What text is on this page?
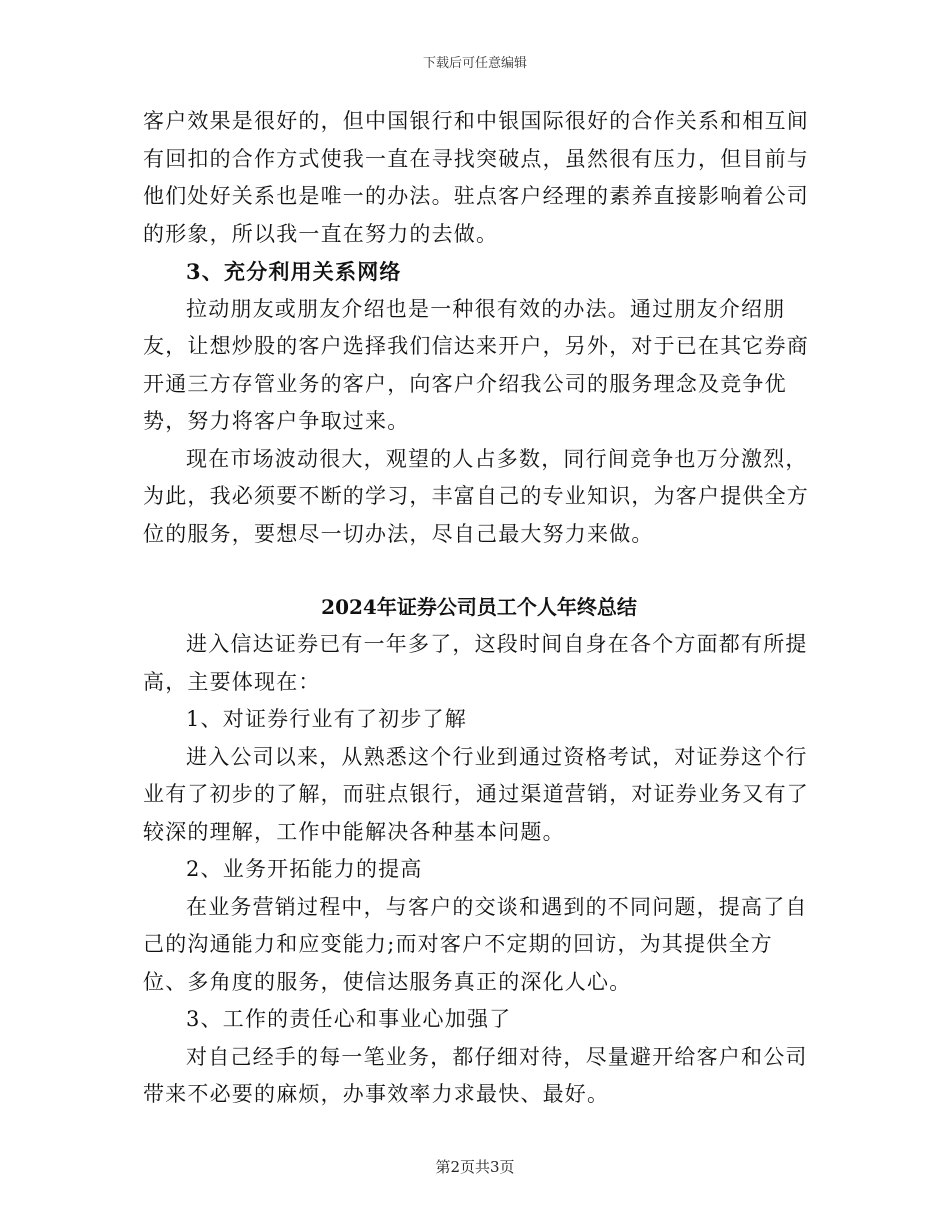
下载后可任意编辑

客户效果是很好的，但中国银行和中银国际很好的合作关系和相互间有回扣的合作方式使我一直在寻找突破点，虽然很有压力，但目前与他们处好关系也是唯一的办法。驻点客户经理的素养直接影响着公司的形象，所以我一直在努力的去做。

3、充分利用关系网络

拉动朋友或朋友介绍也是一种很有效的办法。通过朋友介绍朋友，让想炒股的客户选择我们信达来开户，另外，对于已在其它券商开通三方存管业务的客户，向客户介绍我公司的服务理念及竞争优势，努力将客户争取过来。

现在市场波动很大，观望的人占多数，同行间竞争也万分激烈，为此，我必须要不断的学习，丰富自己的专业知识，为客户提供全方位的服务，要想尽一切办法，尽自己最大努力来做。

2024年证券公司员工个人年终总结

进入信达证券已有一年多了，这段时间自身在各个方面都有所提高，主要体现在：

1、对证券行业有了初步了解

进入公司以来，从熟悉这个行业到通过资格考试，对证券这个行业有了初步的了解，而驻点银行，通过渠道营销，对证券业务又有了较深的理解，工作中能解决各种基本问题。

2、业务开拓能力的提高

在业务营销过程中，与客户的交谈和遇到的不同问题，提高了自己的沟通能力和应变能力;而对客户不定期的回访，为其提供全方位、多角度的服务，使信达服务真正的深化人心。

3、工作的责任心和事业心加强了

对自己经手的每一笔业务，都仔细对待，尽量避开给客户和公司带来不必要的麻烦，办事效率力求最快、最好。

第2页共3页
